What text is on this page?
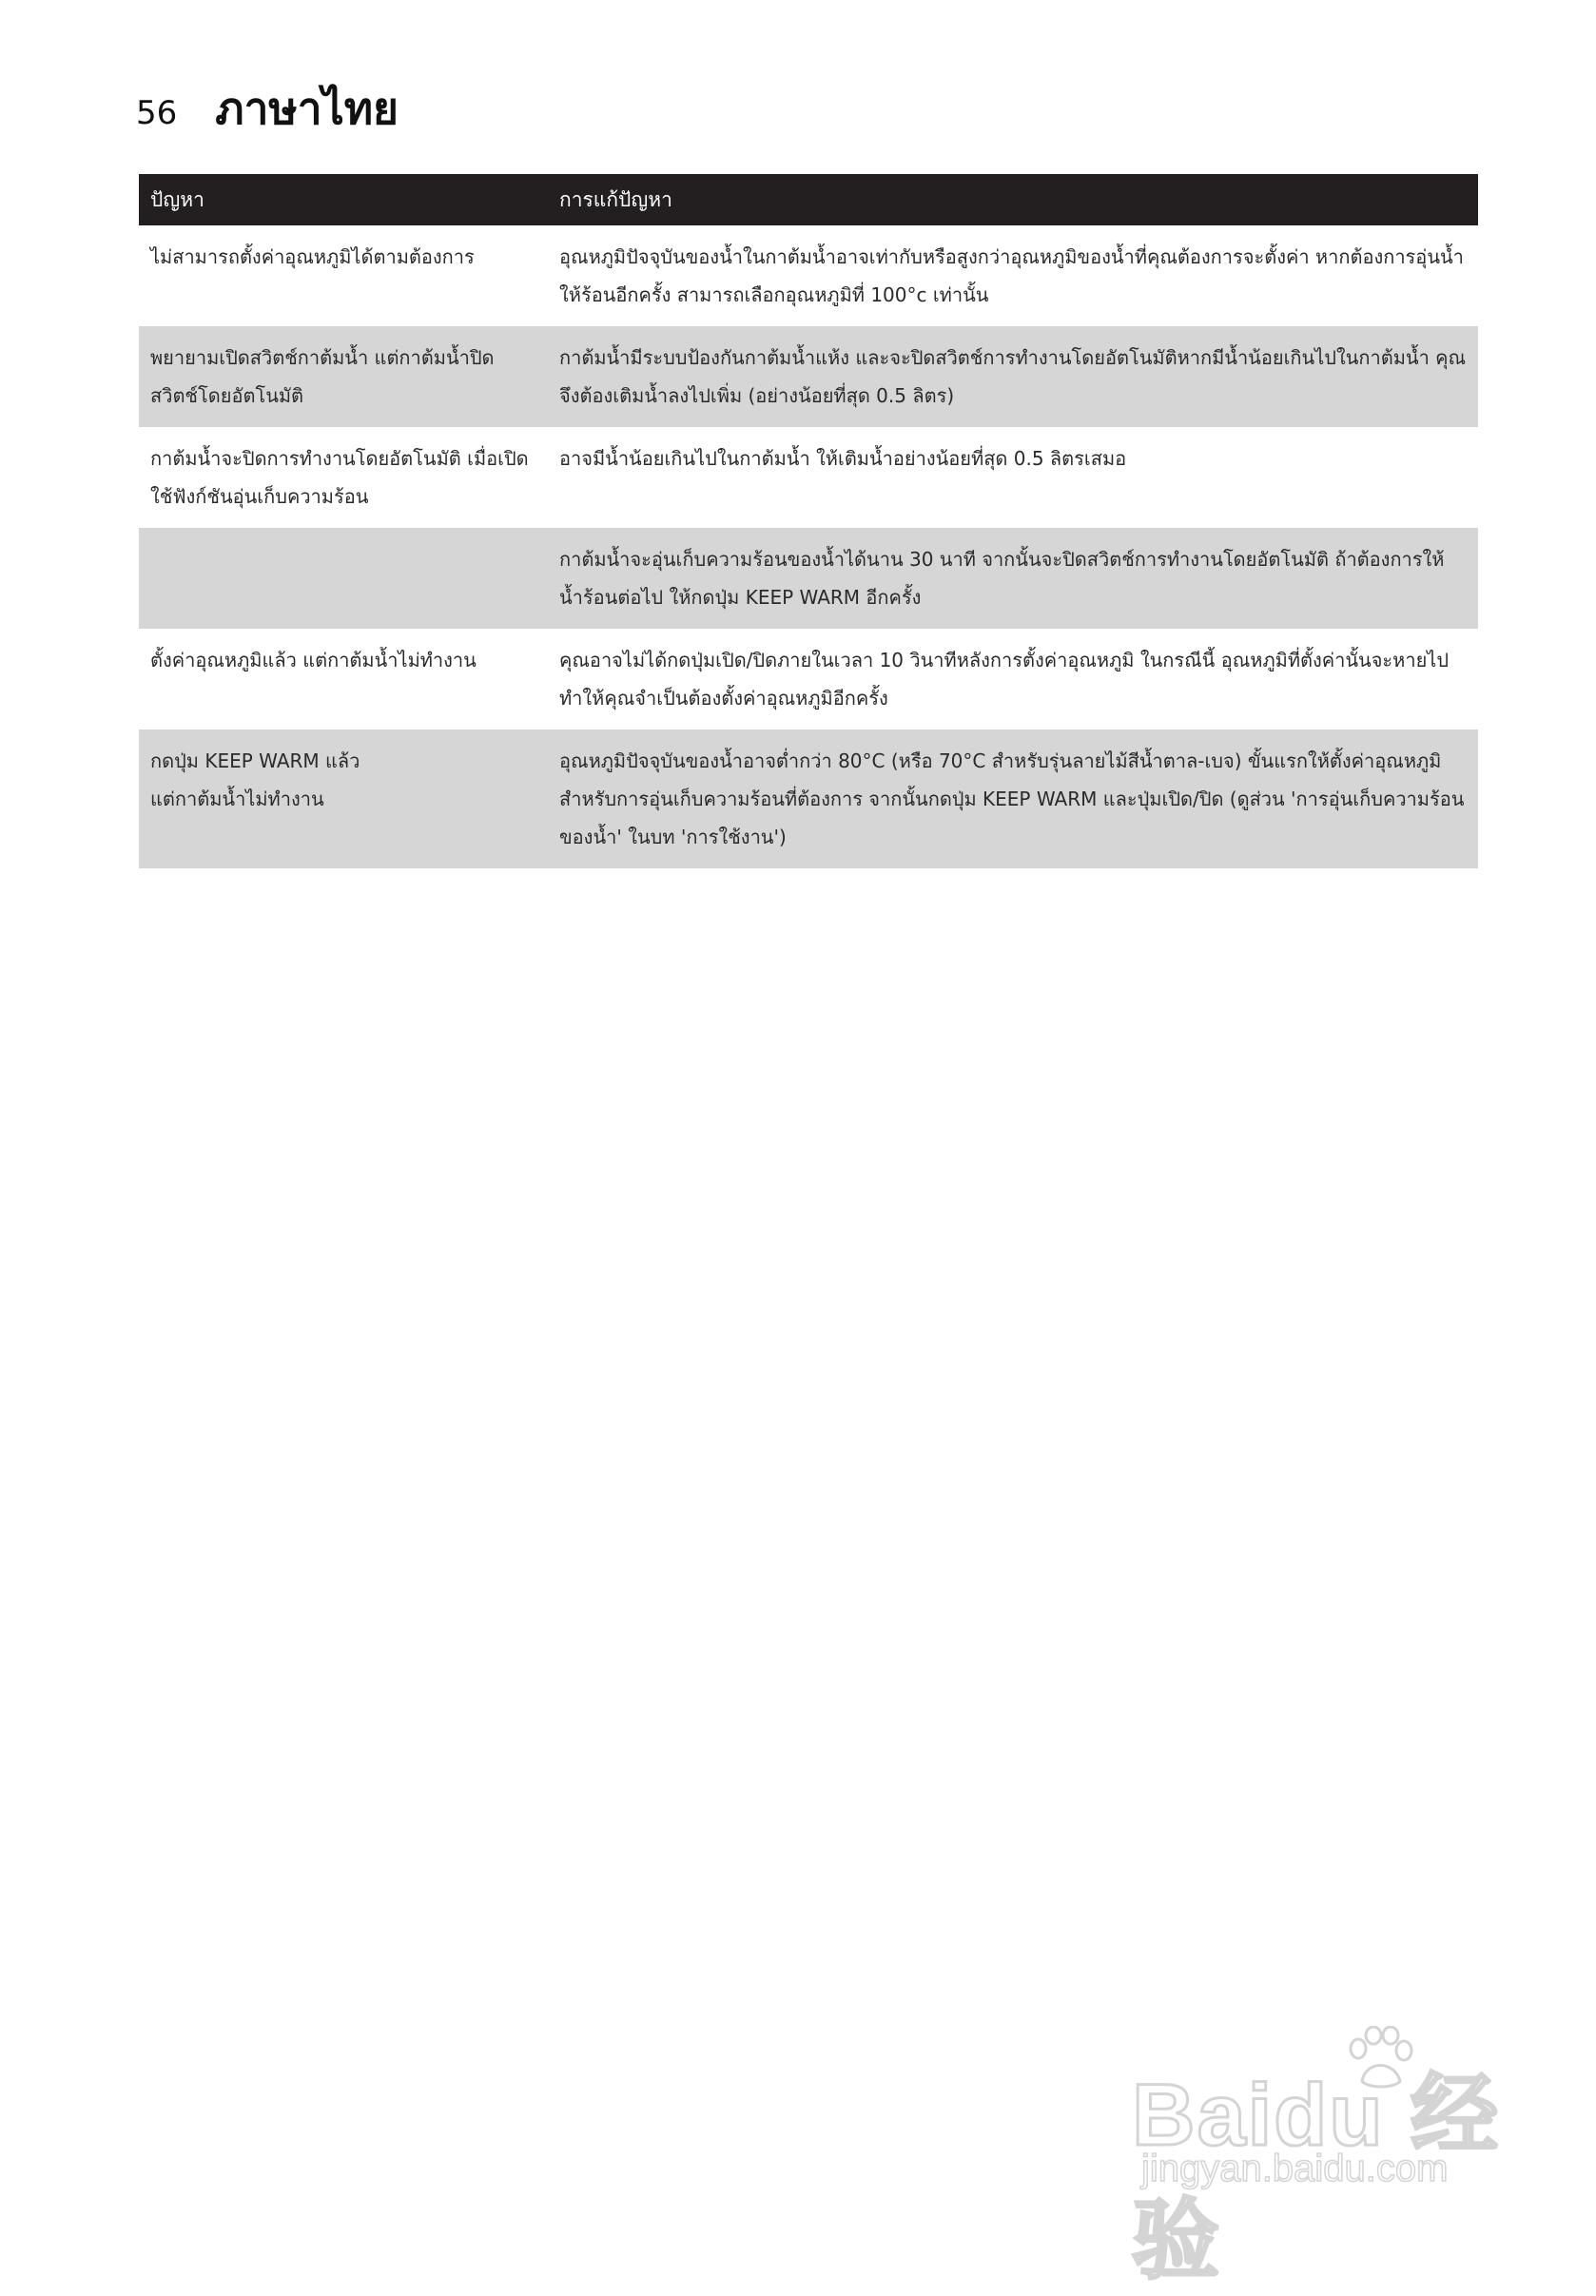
56 ภาษาไทย
ปัญหา	การแก้ปัญหา
ไม่สามารถตั้งค่าอุณหภูมิได้ตามต้องการ	อุณหภูมิปัจจุบันของน้ำในกาต้มน้ำอาจเท่ากับหรือสูงกว่าอุณหภูมิของน้ำที่คุณต้องการจะตั้งค่า หากต้องการอุ่นน้ำให้ร้อนอีกครั้ง สามารถเลือกอุณหภูมิที่ 100°c เท่านั้น
พยายามเปิดสวิตช์กาต้มน้ำ แต่กาต้มน้ำปิดสวิตช์โดยอัตโนมัติ	กาต้มน้ำมีระบบป้องกันกาต้มน้ำแห้ง และจะปิดสวิตช์การทำงานโดยอัตโนมัติหากมีน้ำน้อยเกินไปในกาต้มน้ำ คุณจึงต้องเติมน้ำลงไปเพิ่ม (อย่างน้อยที่สุด 0.5 ลิตร)
กาต้มน้ำจะปิดการทำงานโดยอัตโนมัติ เมื่อเปิดใช้ฟังก์ชันอุ่นเก็บความร้อน	อาจมีน้ำน้อยเกินไปในกาต้มน้ำ ให้เติมน้ำอย่างน้อยที่สุด 0.5 ลิตรเสมอ
	กาต้มน้ำจะอุ่นเก็บความร้อนของน้ำได้นาน 30 นาที จากนั้นจะปิดสวิตช์การทำงานโดยอัตโนมัติ ถ้าต้องการให้น้ำร้อนต่อไป ให้กดปุ่ม KEEP WARM อีกครั้ง
ตั้งค่าอุณหภูมิแล้ว แต่กาต้มน้ำไม่ทำงาน	คุณอาจไม่ได้กดปุ่มเปิด/ปิดภายในเวลา 10 วินาทีหลังการตั้งค่าอุณหภูมิ ในกรณีนี้ อุณหภูมิที่ตั้งค่านั้นจะหายไป ทำให้คุณจำเป็นต้องตั้งค่าอุณหภูมิอีกครั้ง

กดปุ่ม KEEP WARM แล้ว
แต่กาต้มน้ำไม่ทำงาน	อุณหภูมิปัจจุบันของน้ำอาจต่ำกว่า 80°C (หรือ 70°C สำหรับรุ่นลายไม้สีน้ำตาล-เบจ) ขั้นแรกให้ตั้งค่าอุณหภูมิสำหรับการอุ่นเก็บความร้อนที่ต้องการ จากนั้นกดปุ่ม KEEP WARM และปุ่มเปิด/ปิด (ดูส่วน 'การอุ่นเก็บความร้อนของน้ำ' ในบท 'การใช้งาน')
Baidu 经验
jingyan.baidu.com
